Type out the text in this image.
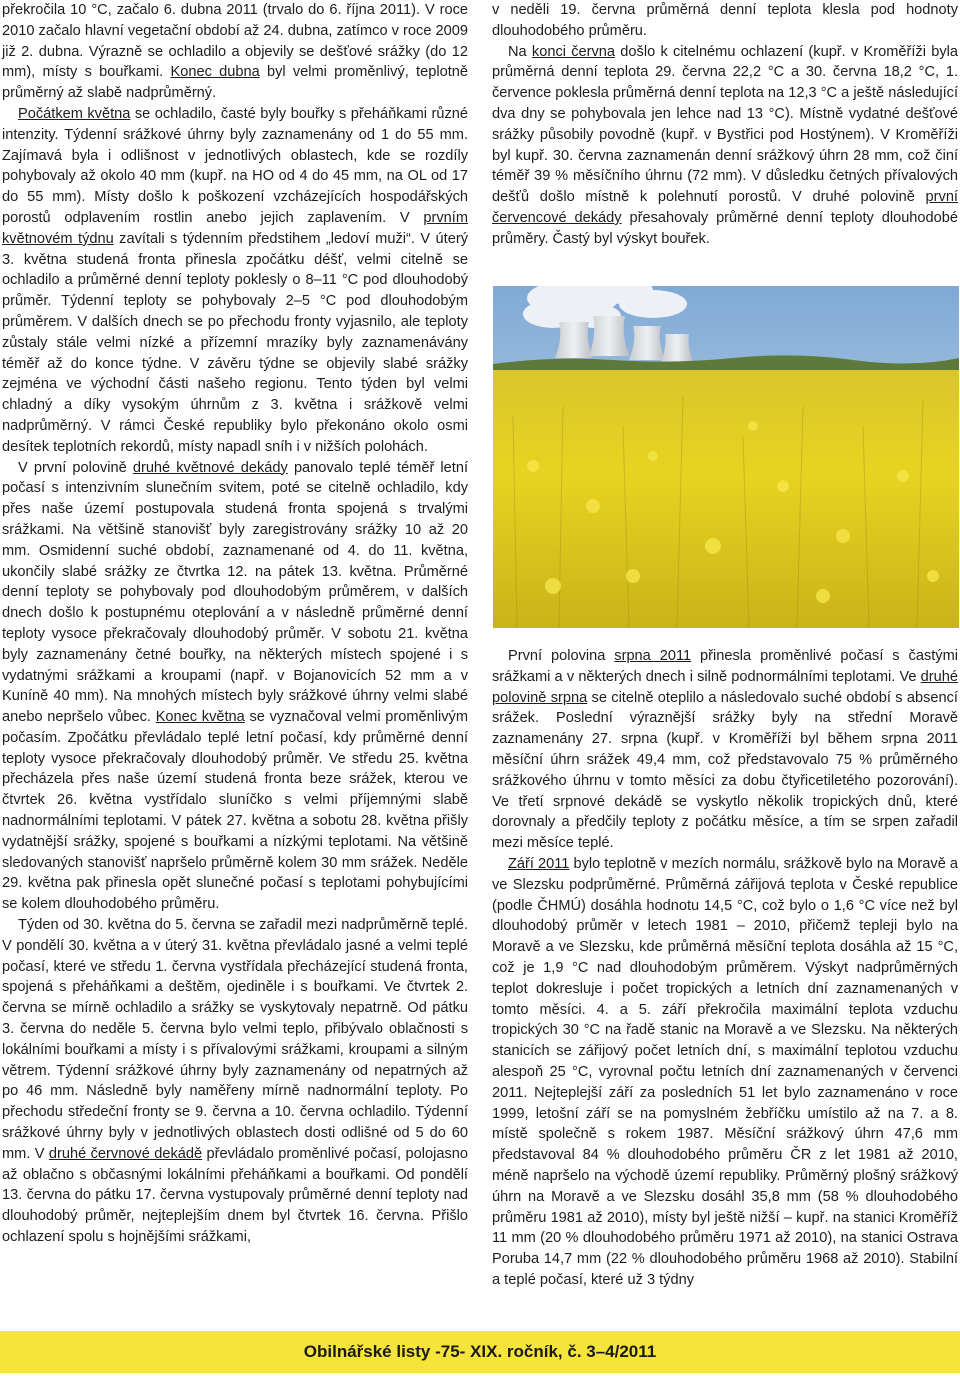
překročila 10 °C, začalo 6. dubna 2011 (trvalo do 6. října 2011). V roce 2010 začalo hlavní vegetační období až 24. dubna, zatímco v roce 2009 již 2. dubna. Výrazně se ochladilo a objevily se dešťové srážky (do 12 mm), místy s bouřkami. Konec dubna byl velmi proměnlivý, teplotně průměrný až slabě nadprůměrný.

Počátkem května se ochladilo, časté byly bouřky s přeháňkami různé intenzity. Týdenní srážkové úhrny byly zaznamenány od 1 do 55 mm. Zajímavá byla i odlišnost v jednotlivých oblastech, kde se rozdíly pohybovaly až okolo 40 mm (kupř. na HO od 4 do 45 mm, na OL od 17 do 55 mm). Místy došlo k poškození vzcházejících hospodářských porostů odplavením rostlin anebo jejich zaplavením. V prvním květnovém týdnu zavítali s týdenním předstihem „ledoví muži“. V úterý 3. května studená fronta přinesla zpočátku déšť, velmi citelně se ochladilo a průměrné denní teploty poklesly o 8–11 °C pod dlouhodobý průměr. Týdenní teploty se pohybovaly 2–5 °C pod dlouhodobým průměrem. V dalších dnech se po přechodu fronty vyjasnilo, ale teploty zůstaly stále velmi nízké a přízemní mrazíky byly zaznamenávány téměř až do konce týdne. V závěru týdne se objevily slabé srážky zejména ve východní části našeho regionu. Tento týden byl velmi chladný a díky vysokým úhrnům z 3. května i srážkově velmi nadprůměrný. V rámci České republiky bylo překonáno okolo osmi desítek teplotních rekordů, místy napadl sníh i v nižších polohách.

V první polovině druhé květnové dekády panovalo teplé téměř letní počasí s intenzivním slunečním svitem, poté se citelně ochladilo, kdy přes naše území postupovala studená fronta spojená s trvalými srážkami. Na většině stanovišť byly zaregistrovány srážky 10 až 20 mm. Osmidenní suché období, zaznamenané od 4. do 11. května, ukončily slabé srážky ze čtvrtka 12. na pátek 13. května. Průměrné denní teploty se pohybovaly pod dlouhodobým průměrem, v dalších dnech došlo k postupnému oteplování a v následně průměrné denní teploty vysoce překračovaly dlouhodobý průměr. V sobotu 21. května byly zaznamenány četné bouřky, na některých místech spojené i s vydatnými srážkami a kroupami (např. v Bojanovicích 52 mm a v Kuníně 40 mm). Na mnohých místech byly srážkové úhrny velmi slabé anebo nepršelo vůbec. Konec května se vyznačoval velmi proměnlivým počasím. Zpočátku převládalo teplé letní počasí, kdy průměrné denní teploty vysoce překračovaly dlouhodobý průměr. Ve středu 25. května přecházela přes naše území studená fronta beze srážek, kterou ve čtvrtek 26. května vystřídalo sluníčko s velmi příjemnými slabě nadnormálními teplotami. V pátek 27. května a sobotu 28. května přišly vydatnější srážky, spojené s bouřkami a nízkými teplotami. Na většině sledovaných stanovišť napršelo průměrně kolem 30 mm srážek. Neděle 29. května pak přinesla opět slunečné počasí s teplotami pohybujícími se kolem dlouhodobého průměru.

Týden od 30. května do 5. června se zařadil mezi nadprůměrně teplé. V pondělí 30. května a v úterý 31. května převládalo jasné a velmi teplé počasí, které ve středu 1. června vystřídala přecházející studená fronta, spojená s přeháňkami a deštěm, ojediněle i s bouřkami. Ve čtvrtek 2. června se mírně ochladilo a srážky se vyskytovaly nepatrně. Od pátku 3. června do neděle 5. června bylo velmi teplo, přibývalo oblačnosti s lokálními bouřkami a místy i s přívalovými srážkami, kroupami a silným větrem. Týdenní srážkové úhrny byly zaznamenány od nepatrných až po 46 mm. Následně byly naměřeny mírně nadnormální teploty. Po přechodu středeční fronty se 9. června a 10. června ochladilo. Týdenní srážkové úhrny byly v jednotlivých oblastech dosti odlišné od 5 do 60 mm. V druhé červnové dekádě převládalo proměnlivé počasí, polojasno až oblačno s občasnými lokálními přeháňkami a bouřkami. Od pondělí 13. června do pátku 17. června vystupovaly průměrné denní teploty nad dlouhodobý průměr, nejteplejším dnem byl čtvrtek 16. června. Přišlo ochlazení spolu s hojnějšími srážkami,

v neděli 19. června průměrná denní teplota klesla pod hodnoty dlouhodobého průměru.

Na konci června došlo k citelnému ochlazení (kupř. v Kroměříži byla průměrná denní teplota 29. června 22,2 °C a 30. června 18,2 °C, 1. července poklesla průměrná denní teplota na 12,3 °C a ještě následující dva dny se pohybovala jen lehce nad 13 °C). Místně vydatné dešťové srážky působily povodně (kupř. v Bystřici pod Hostýnem). V Kroměříži byl kupř. 30. června zaznamenán denní srážkový úhrn 28 mm, což činí téměř 39 % měsíčního úhrnu (72 mm). V důsledku četných přívalových dešťů došlo místně k polehnutí porostů. V druhé polovině první červencové dekády přesahovaly průměrné denní teploty dlouhodobé průměry. Častý byl výskyt bouřek.

První polovina srpna 2011 přinesla proměnlivé počasí s častými srážkami a v některých dnech i silně podnormálními teplotami. Ve druhé polovině srpna se citelně oteplilo a následovalo suché období s absencí srážek. Poslední výraznější srážky byly na střední Moravě zaznamenány 27. srpna (kupř. v Kroměříži byl během srpna 2011 měsíční úhrn srážek 49,4 mm, což představovalo 75 % průměrného srážkového úhrnu v tomto měsíci za dobu čtyřicetiletého pozorování). Ve třetí srpnové dekádě se vyskytlo několik tropických dnů, které dorovnaly a předčily teploty z počátku měsíce, a tím se srpen zařadil mezi měsíce teplé.

Září 2011 bylo teplotně v mezích normálu, srážkově bylo na Moravě a ve Slezsku podprůměrné. Průměrná zářijová teplota v České republice (podle ČHMÚ) dosáhla hodnotu 14,5 °C, což bylo o 1,6 °C více než byl dlouhodobý průměr v letech 1981 – 2010, přičemž tepleji bylo na Moravě a ve Slezsku, kde průměrná měsíční teplota dosáhla až 15 °C, což je 1,9 °C nad dlouhodobým průměrem. Výskyt nadprůměrných teplot dokresluje i počet tropických a letních dní zaznamenaných v tomto měsíci. 4. a 5. září překročila maximální teplota vzduchu tropických 30 °C na řadě stanic na Moravě a ve Slezsku. Na některých stanicích se zářijový počet letních dní, s maximální teplotou vzduchu alespoň 25 °C, vyrovnal počtu letních dní zaznamenaných v červenci 2011. Nejteplejší září za posledních 51 let bylo zaznamenáno v roce 1999, letošní září se na pomyslném žebříčku umístilo až na 7. a 8. místě společně s rokem 1987. Měsíční srážkový úhrn 47,6 mm představoval 84 % dlouhodobého průměru ČR z let 1981 až 2010, méně napršelo na východě území republiky. Průměrný plošný srážkový úhrn na Moravě a ve Slezsku dosáhl 35,8 mm (58 % dlouhodobého průměru 1981 až 2010), místy byl ještě nižší – kupř. na stanici Kroměříž 11 mm (20 % dlouhodobého průměru 1971 až 2010), na stanici Ostrava Poruba 14,7 mm (22 % dlouhodobého průměru 1968 až 2010). Stabilní a teplé počasí, které už 3 týdny

Obilnářské listy -75- XIX. ročník, č. 3–4/2011
